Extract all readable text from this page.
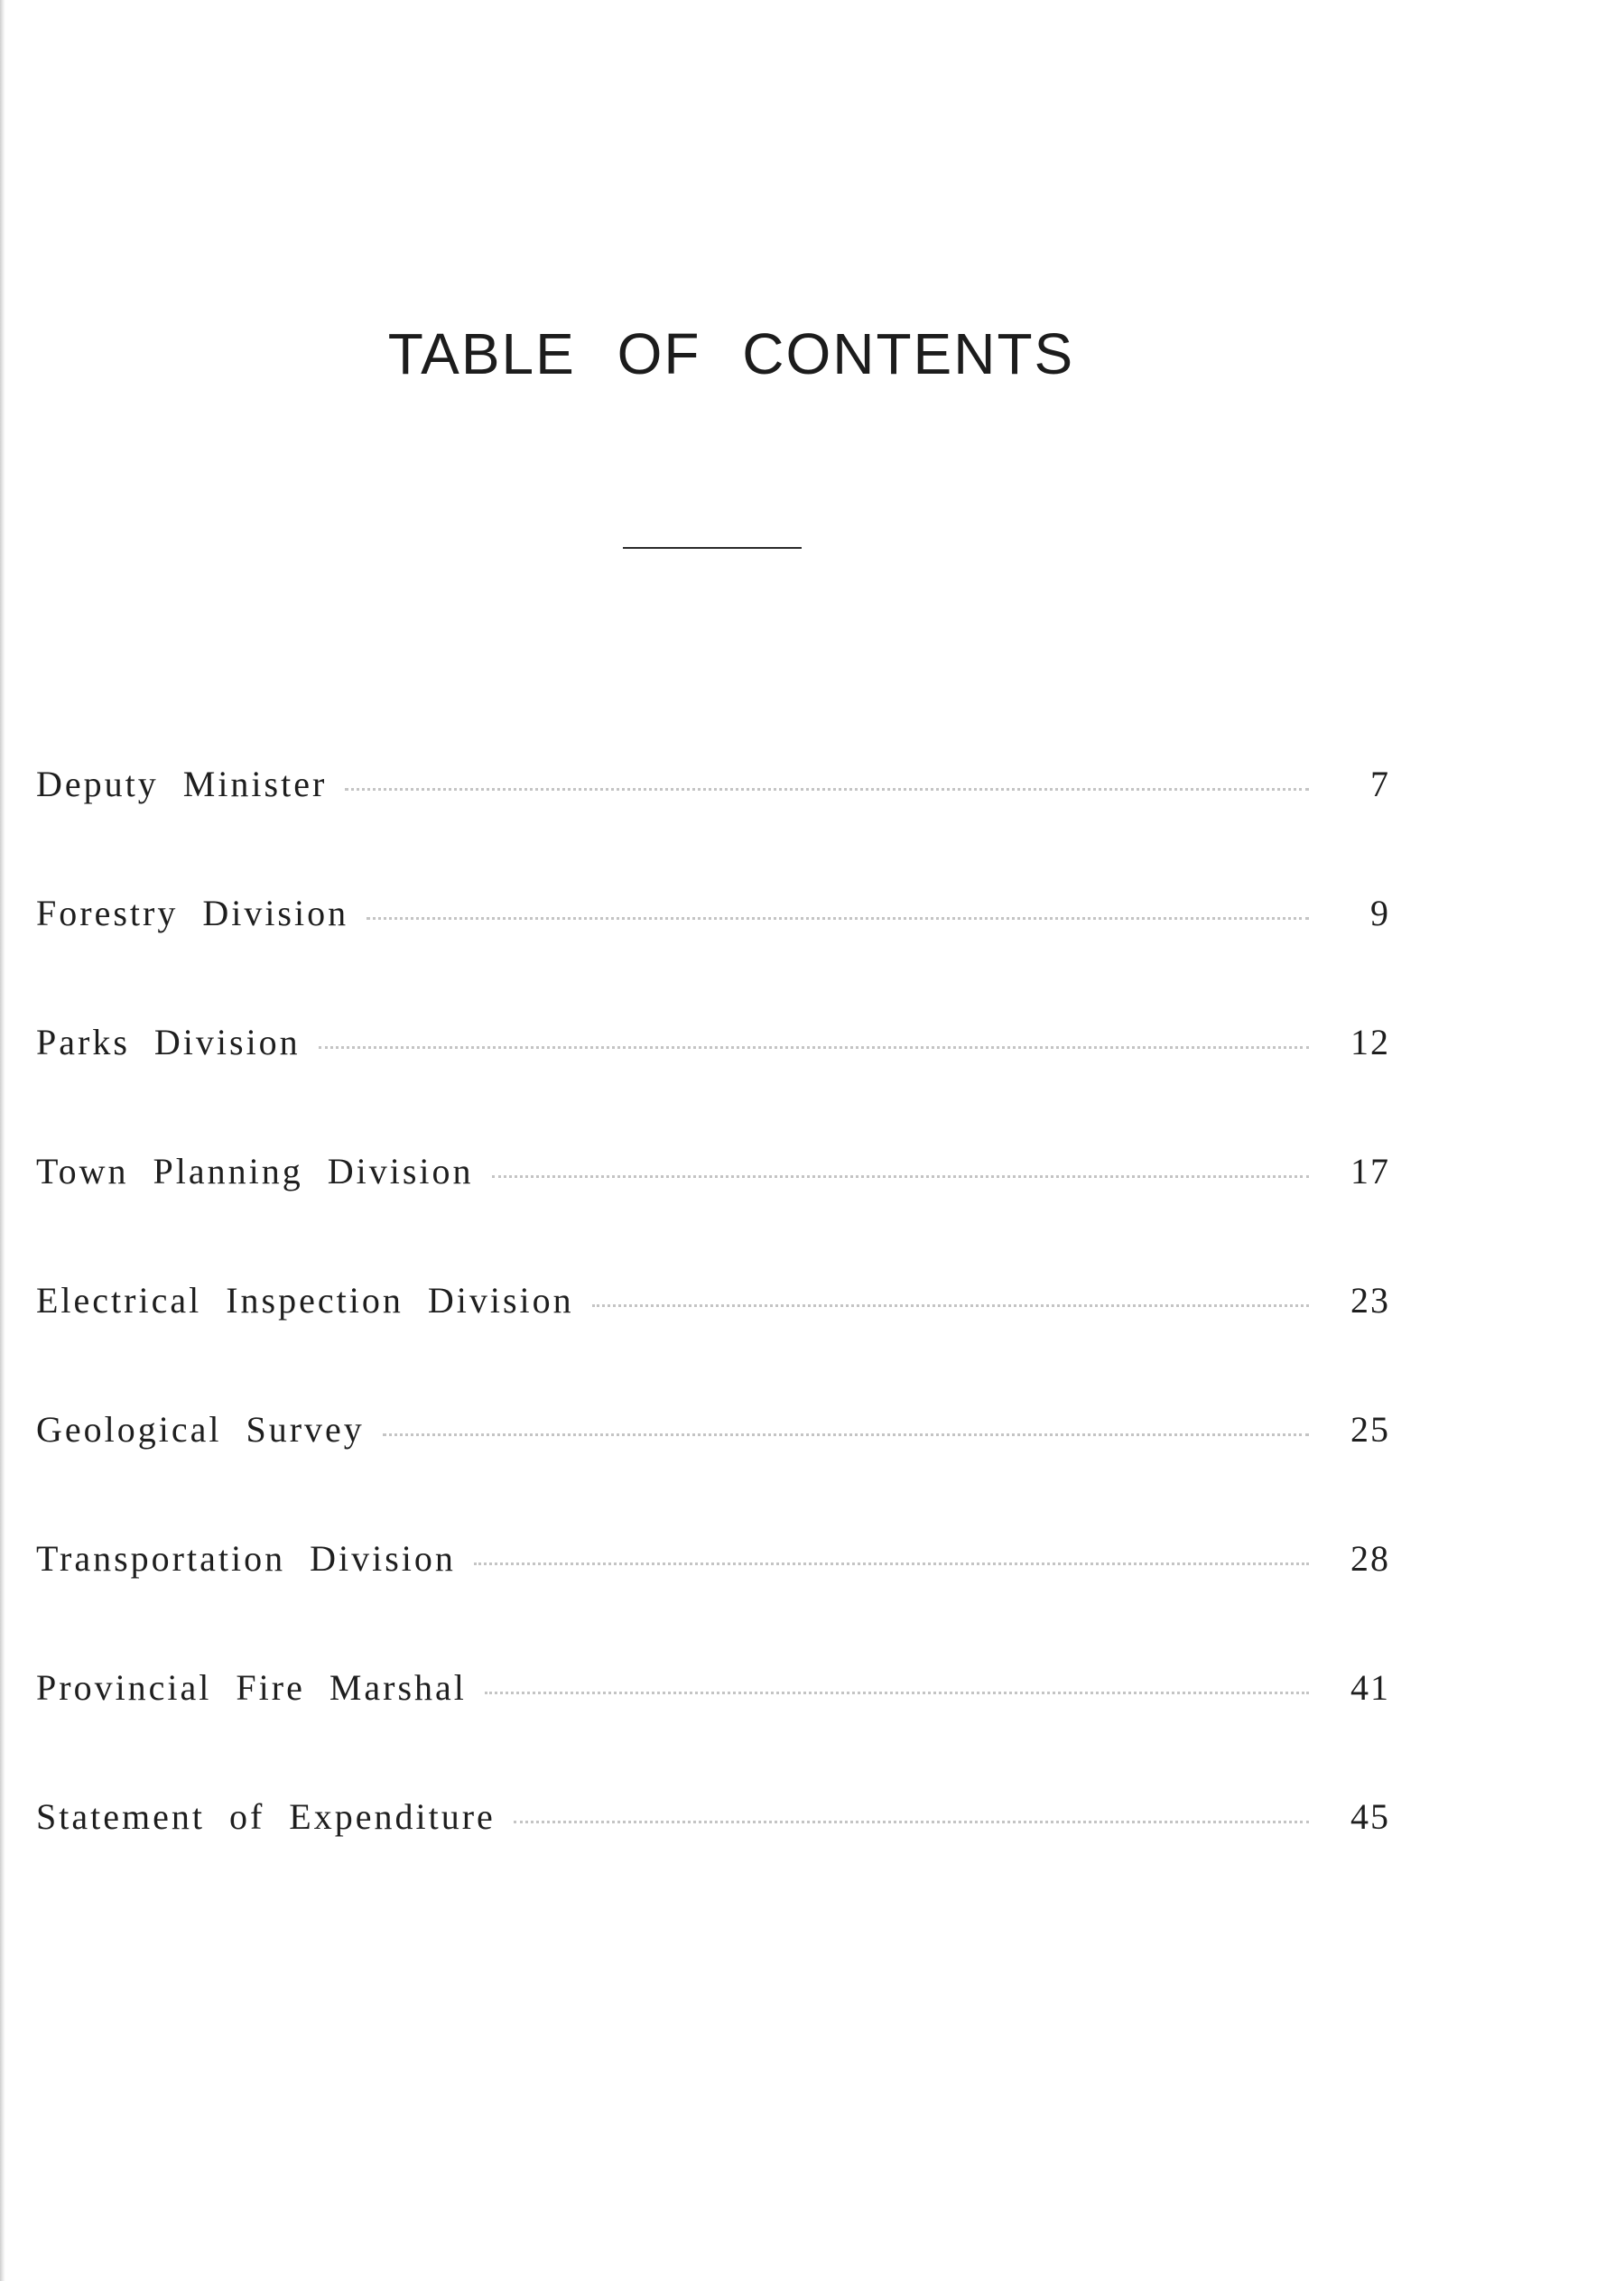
TABLE OF CONTENTS
Deputy Minister	7
Forestry Division	9
Parks Division	12
Town Planning Division	17
Electrical Inspection Division	23
Geological Survey	25
Transportation Division	28
Provincial Fire Marshal	41
Statement of Expenditure	45
